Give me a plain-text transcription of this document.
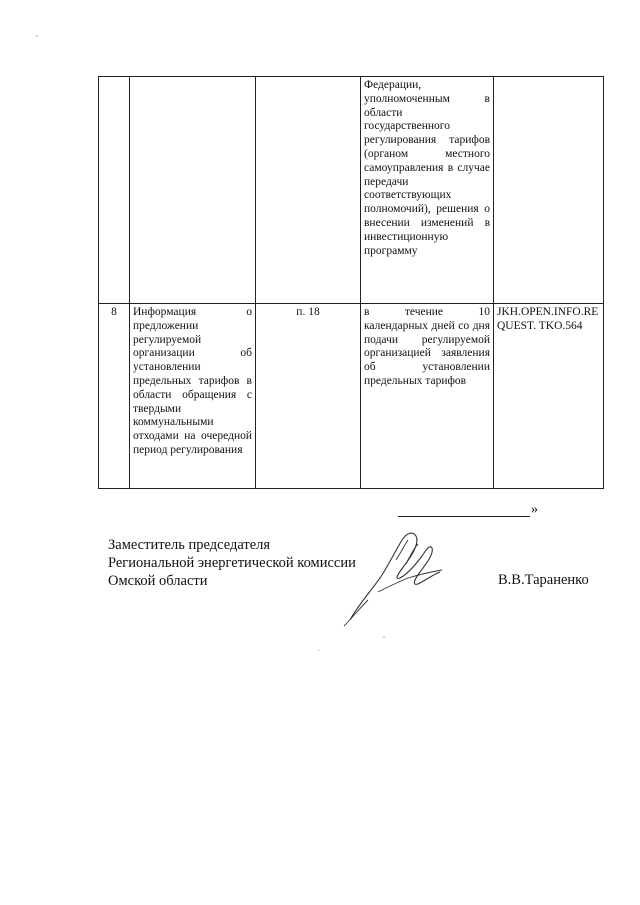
			Федерации, уполномоченным в области государственного регулирования тарифов (органом местного самоуправления в случае передачи соответствующих полномочий), решения о внесении изменений в инвестиционную программу	
8	Информация о предложении регулируемой организации об установлении предельных тарифов в области обращения с твердыми коммунальными отходами на очередной период регулирования	п. 18	в течение 10 календарных дней со дня подачи регулируемой организацией заявления об установлении предельных тарифов	JKH.OPEN.INFO.REQUEST. TKO.564
»
Заместитель председателя
Региональной энергетической комиссии
Омской области	В.В.Тараненко
